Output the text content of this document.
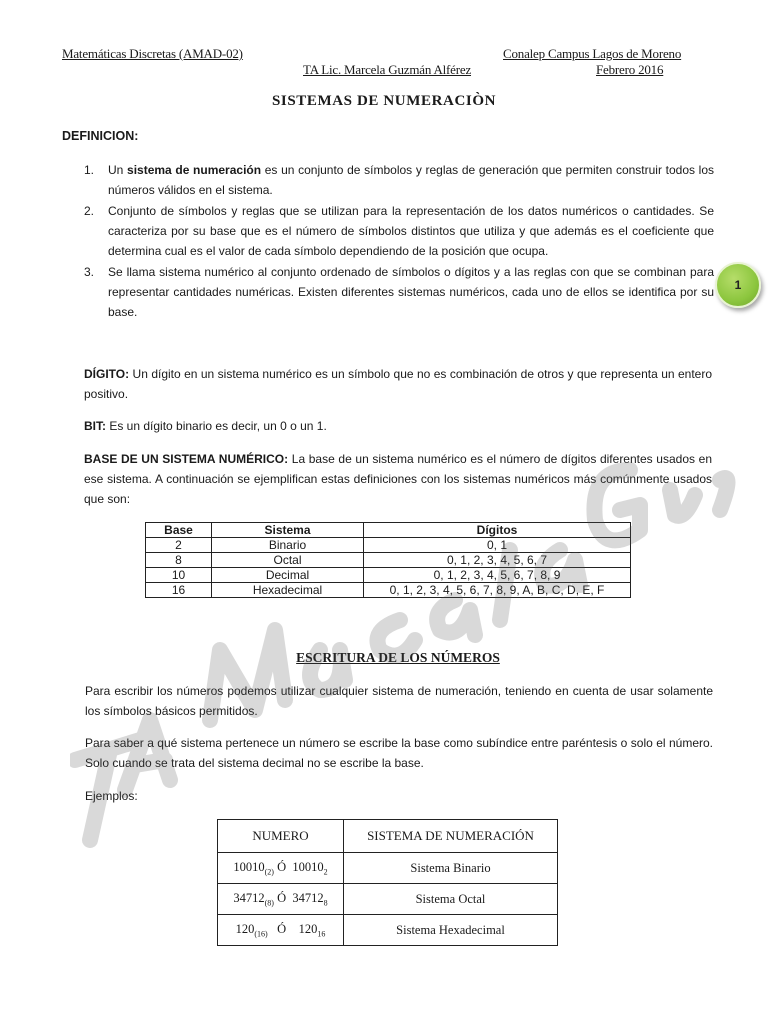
Matemáticas Discretas (AMAD-02)	Conalep Campus Lagos de Moreno
TA Lic. Marcela Guzmán Alférez	Febrero 2016
SISTEMAS DE NUMERACIÒN
DEFINICION:
1. Un sistema de numeración es un conjunto de símbolos y reglas de generación que permiten construir todos los números válidos en el sistema.
2. Conjunto de símbolos y reglas que se utilizan para la representación de los datos numéricos o cantidades. Se caracteriza por su base que es el número de símbolos distintos que utiliza y que además es el coeficiente que determina cual es el valor de cada símbolo dependiendo de la posición que ocupa.
3. Se llama sistema numérico al conjunto ordenado de símbolos o dígitos y a las reglas con que se combinan para representar cantidades numéricas. Existen diferentes sistemas numéricos, cada uno de ellos se identifica por su base.
1
DÍGITO: Un dígito en un sistema numérico es un símbolo que no es combinación de otros y que representa un entero positivo.
BIT: Es un dígito binario es decir, un 0 o un 1.
BASE DE UN SISTEMA NUMÉRICO: La base de un sistema numérico es el número de dígitos diferentes usados en ese sistema. A continuación se ejemplifican estas definiciones con los sistemas numéricos más comúnmente usados que son:
Base	Sistema	Dígitos
2	Binario	0, 1
8	Octal	0, 1, 2, 3, 4, 5, 6, 7
10	Decimal	0, 1, 2, 3, 4, 5, 6, 7, 8, 9
16	Hexadecimal	0, 1, 2, 3, 4, 5, 6, 7, 8, 9, A, B, C, D, E, F
ESCRITURA DE LOS NÚMEROS
Para escribir los números podemos utilizar cualquier sistema de numeración, teniendo en cuenta de usar solamente los símbolos básicos permitidos.
Para saber a qué sistema pertenece un número se escribe la base como subíndice entre paréntesis o solo el número. Solo cuando se trata del sistema decimal no se escribe la base.
Ejemplos:
NUMERO	SISTEMA DE NUMERACIÓN
$10010_{(2)}$ Ó $10010_2$	Sistema Binario
$34712_{(8)}$ Ó $34712_8$	Sistema Octal
$120_{(16)}$ Ó $120_{16}$	Sistema Hexadecimal
